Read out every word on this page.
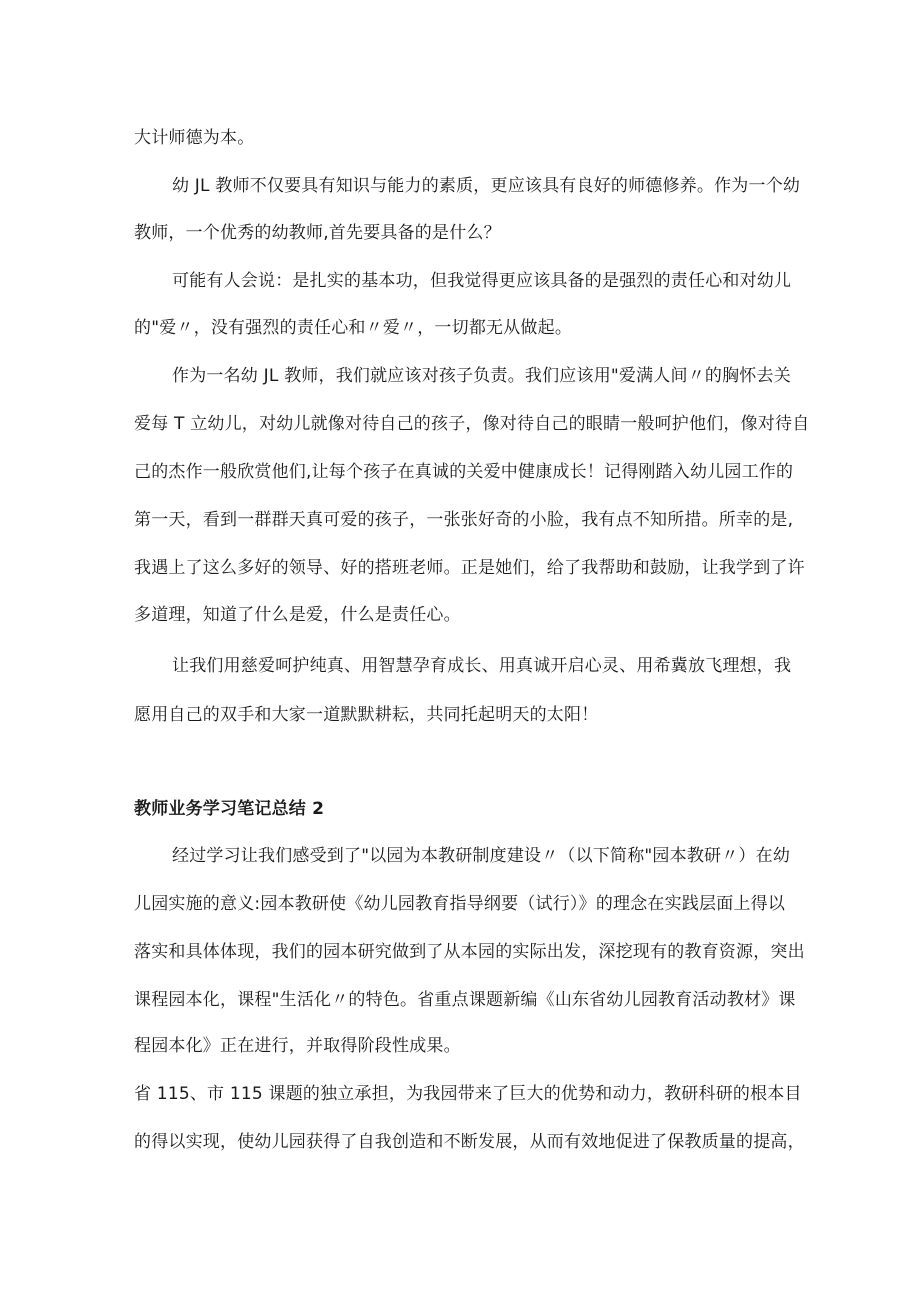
大计师德为本。
幼 JL 教师不仅要具有知识与能力的素质，更应该具有良好的师德修养。作为一个幼
教师，一个优秀的幼教师,首先要具备的是什么？
可能有人会说：是扎实的基本功，但我觉得更应该具备的是强烈的责任心和对幼儿
的"爱〃，没有强烈的责任心和〃爱〃，一切都无从做起。
作为一名幼 JL 教师，我们就应该对孩子负责。我们应该用"爱满人间〃的胸怀去关
爱每 T 立幼儿，对幼儿就像对待自己的孩子，像对待自己的眼睛一般呵护他们，像对待自
己的杰作一般欣赏他们,让每个孩子在真诚的关爱中健康成长！记得刚踏入幼儿园工作的
第一天，看到一群群天真可爱的孩子，一张张好奇的小脸，我有点不知所措。所幸的是,
我遇上了这么多好的领导、好的搭班老师。正是她们，给了我帮助和鼓励，让我学到了许
多道理，知道了什么是爱，什么是责任心。
让我们用慈爱呵护纯真、用智慧孕育成长、用真诚开启心灵、用希冀放飞理想，我
愿用自己的双手和大家一道默默耕耘，共同托起明天的太阳！
教师业务学习笔记总结 2
经过学习让我们感受到了"以园为本教研制度建设〃（以下简称"园本教研〃）在幼
儿园实施的意义:园本教研使《幼儿园教育指导纲要（试行）》的理念在实践层面上得以
落实和具体体现，我们的园本研究做到了从本园的实际出发，深挖现有的教育资源，突出
课程园本化，课程"生活化〃的特色。省重点课题新编《山东省幼儿园教育活动教材》课
程园本化》正在进行，并取得阶段性成果。
省 115、市 115 课题的独立承担，为我园带来了巨大的优势和动力，教研科研的根本目
的得以实现，使幼儿园获得了自我创造和不断发展，从而有效地促进了保教质量的提高，
